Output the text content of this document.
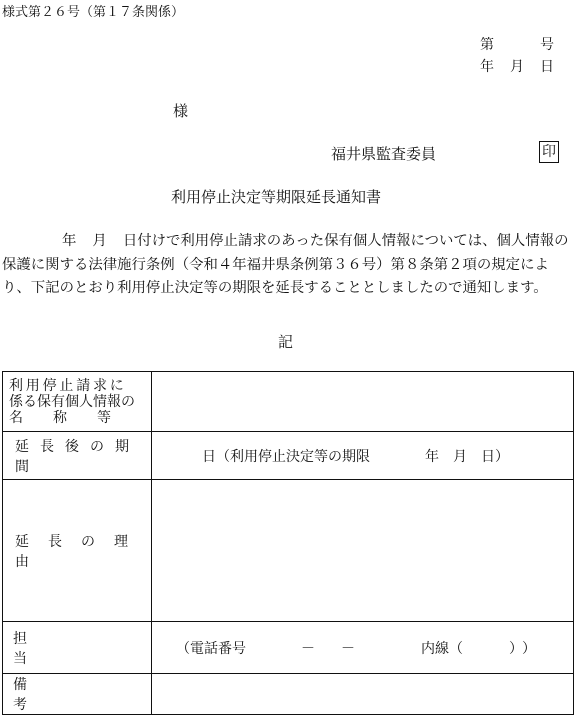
様式第２６号（第１７条関係）
第	号
年 月 日
様
福井県監査委員	印
利用停止決定等期限延長通知書
年 月 日付けで利用停止請求のあった保有個人情報については、個人情報の保護に関する法律施行条例（令和４年福井県条例第３６号）第８条第２項の規定により、下記のとおり利用停止決定等の期限を延長することとしましたので通知します。
記
利用停止請求に
係る保有個人情報の
名称等	

延長後の期間	日 （利用停止決定等の期限 年 月 日）

延長の理由	

担当	（電話番号 － － 内線（ ））

備考	
